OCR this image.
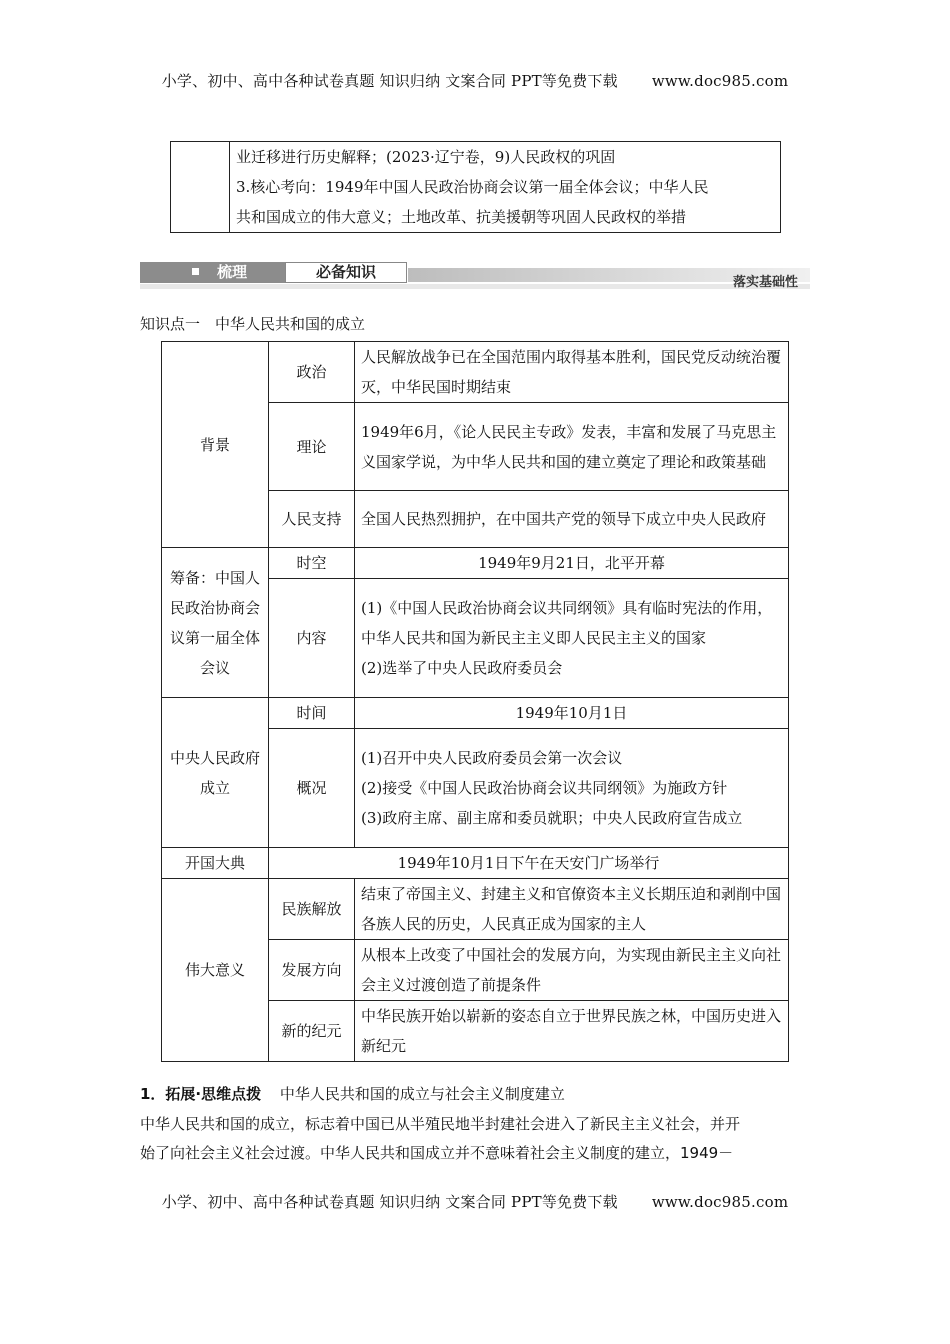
小学、初中、高中各种试卷真题 知识归纳 文案合同 PPT等免费下载 www.doc985.com

业迁移进行历史解释；(2023·辽宁卷，9)人民政权的巩固
3.核心考向：1949年中国人民政治协商会议第一届全体会议；中华人民
共和国成立的伟大意义；土地改革、抗美援朝等巩固人民政权的举措
梳理	必备知识
落实基础性
知识点一　中华人民共和国的成立
背景	政治	人民解放战争已在全国范围内取得基本胜利，国民党反动统治覆灭，中华民国时期结束
	理论	1949年6月，《论人民民主专政》发表，丰富和发展了马克思主义国家学说，为中华人民共和国的建立奠定了理论和政策基础
	人民支持	全国人民热烈拥护，在中国共产党的领导下成立中央人民政府
筹备：中国人民政治协商会议第一届全体会议	时空	1949年9月21日，北平开幕
	内容	(1)《中国人民政治协商会议共同纲领》具有临时宪法的作用，中华人民共和国为新民主主义即人民民主主义的国家
(2)选举了中央人民政府委员会

中央人民政府成立	时间	1949年10月1日
	概况	(1)召开中央人民政府委员会第一次会议
(2)接受《中国人民政治协商会议共同纲领》为施政方针
(3)政府主席、副主席和委员就职；中央人民政府宣告成立

开国大典	1949年10月1日下午在天安门广场举行	
伟大意义	民族解放	结束了帝国主义、封建主义和官僚资本主义长期压迫和剥削中国各族人民的历史，人民真正成为国家的主人
	发展方向	从根本上改变了中国社会的发展方向，为实现由新民主主义向社会主义过渡创造了前提条件
	新的纪元	中华民族开始以崭新的姿态自立于世界民族之林，中国历史进入新纪元
1．拓展·思维点拨 中华人民共和国的成立与社会主义制度建立
中华人民共和国的成立，标志着中国已从半殖民地半封建社会进入了新民主主义社会，并开
始了向社会主义社会过渡。中华人民共和国成立并不意味着社会主义制度的建立，1949－
小学、初中、高中各种试卷真题 知识归纳 文案合同 PPT等免费下载 www.doc985.com
